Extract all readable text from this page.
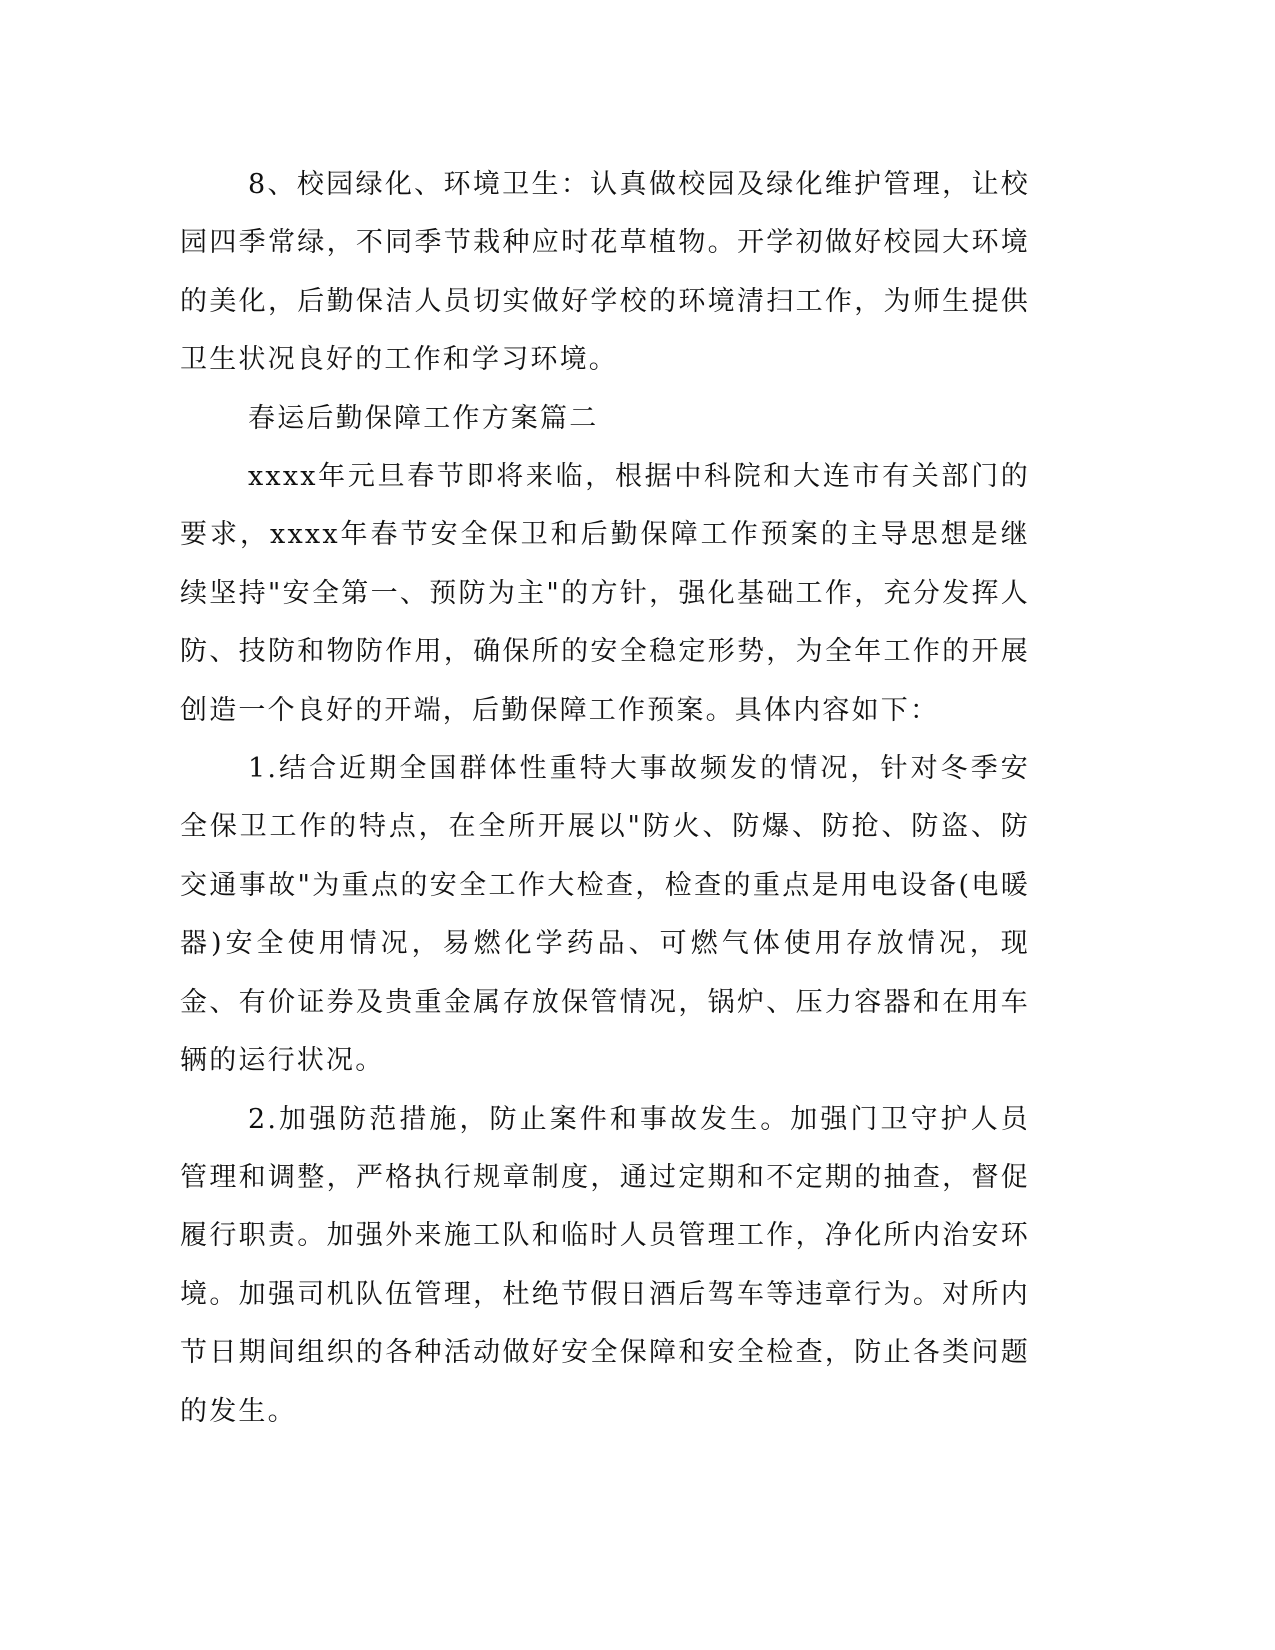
8、校园绿化、环境卫生：认真做校园及绿化维护管理，让校园四季常绿，不同季节栽种应时花草植物。开学初做好校园大环境的美化，后勤保洁人员切实做好学校的环境清扫工作，为师生提供卫生状况良好的工作和学习环境。

春运后勤保障工作方案篇二

xxxx年元旦春节即将来临，根据中科院和大连市有关部门的要求，xxxx年春节安全保卫和后勤保障工作预案的主导思想是继续坚持"安全第一、预防为主"的方针，强化基础工作，充分发挥人防、技防和物防作用，确保所的安全稳定形势，为全年工作的开展创造一个良好的开端，后勤保障工作预案。具体内容如下：

1.结合近期全国群体性重特大事故频发的情况，针对冬季安全保卫工作的特点，在全所开展以"防火、防爆、防抢、防盗、防交通事故"为重点的安全工作大检查，检查的重点是用电设备(电暖器)安全使用情况，易燃化学药品、可燃气体使用存放情况，现金、有价证券及贵重金属存放保管情况，锅炉、压力容器和在用车辆的运行状况。

2.加强防范措施，防止案件和事故发生。加强门卫守护人员管理和调整，严格执行规章制度，通过定期和不定期的抽查，督促履行职责。加强外来施工队和临时人员管理工作，净化所内治安环境。加强司机队伍管理，杜绝节假日酒后驾车等违章行为。对所内节日期间组织的各种活动做好安全保障和安全检查，防止各类问题的发生。
